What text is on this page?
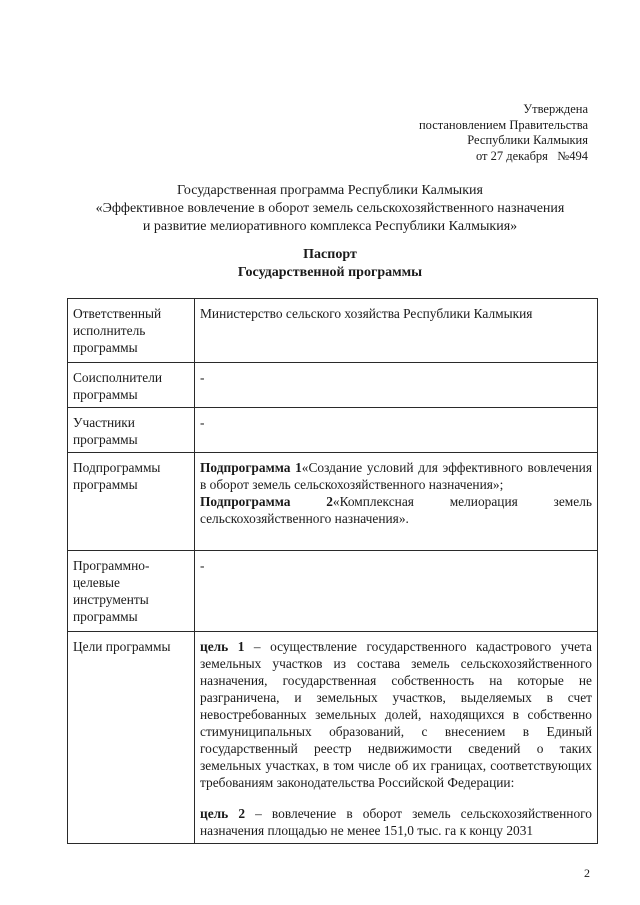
Утверждена
постановлением Правительства
Республики Калмыкия
от 27 декабря   №494
Государственная программа Республики Калмыкия
«Эффективное вовлечение в оборот земель сельскохозяйственного назначения
и развитие мелиоративного комплекса Республики Калмыкия»
Паспорт
Государственной программы
Ответственный исполнитель программы	Министерство сельского хозяйства Республики Калмыкия
Соисполнители программы	-
Участники программы	-
Подпрограммы программы	Подпрограмма 1«Создание условий для эффективного вовлечения в оборот земель сельскохозяйственного назначения»;
Подпрограмма 2«Комплексная мелиорация земель сельскохозяйственного назначения».

Программно-целевые инструменты программы	-
Цели программы	цель 1 – осуществление государственного кадастрового учета земельных участков из состава земель сельскохозяйственного назначения, государственная собственность на которые не разграничена, и земельных участков, выделяемых в счет невостребованных земельных долей, находящихся в собственно стимуниципальных образований, с внесением в Единый государственный реестр недвижимости сведений о таких земельных участках, в том числе об их границах, соответствующих требованиям законодательства Российской Федерации:

цель 2 – вовлечение в оборот земель сельскохозяйственного назначения площадью не менее 151,0 тыс. га к концу 2031

2
